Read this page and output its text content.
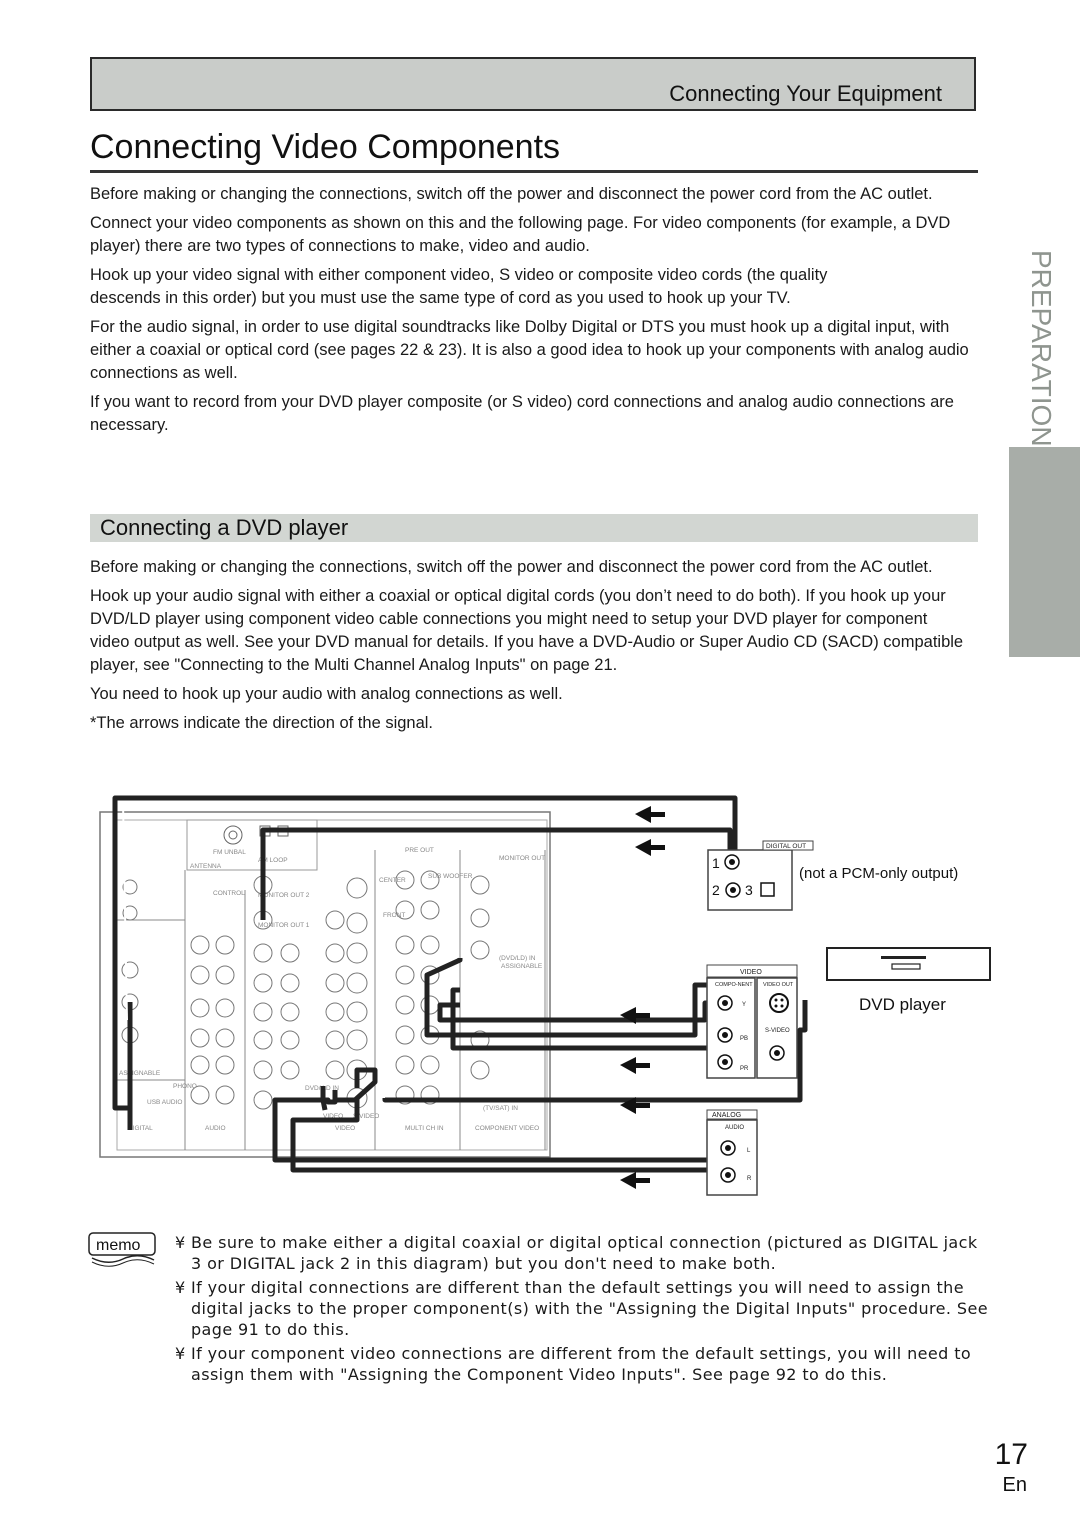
Connecting Your Equipment
Connecting Video Components

Before making or changing the connections, switch off the power and disconnect the power cord from the AC outlet.

Connect your video components as shown on this and the following page. For video components (for example, a DVD player) there are two types of connections to make, video and audio.

Hook up your video signal with either component video, S video or composite video cords (the quality descends in this order) but you must use the same type of cord as you used to hook up your TV.

For the audio signal, in order to use digital soundtracks like Dolby Digital or DTS you must hook up a digital input, with either a coaxial or optical cord (see pages 22 & 23). It is also a good idea to hook up your components with analog audio connections as well.

If you want to record from your DVD player composite (or S video) cord connections and analog audio connections are necessary.	PREPARATION
Connecting a DVD player

Before making or changing the connections, switch off the power and disconnect the power cord from the AC outlet.

Hook up your audio signal with either a coaxial or optical digital cords (you don’t need to do both). If you hook up your DVD/LD player using component video cable connections you might need to setup your DVD player for component video output as well. See your DVD manual for details. If you have a DVD-Audio or Super Audio CD (SACD) compatible player, see "Connecting to the Multi Channel Analog Inputs" on page 21.

You need to hook up your audio with analog connections as well.

*The arrows indicate the direction of the signal.

FM UNBAL
AM LOOP
ANTENNA
PRE OUT
MONITOR OUT
CENTER
FRONT
SUB WOOFER
CONTROL MONITOR OUT 2
MONITOR OUT 1
(DVD/LD) IN
ASSIGNABLE
DVD/ LD IN
VIDEO S VIDEO
(TV/SAT) IN
DIGITAL	AUDIO	VIDEO	MULTI CH IN	COMPONENT VIDEO
ASSIGNABLE
USB AUDIO
PHONO
DIGITAL OUT
1
2 3
(not a PCM-only output)
DVD player
VIDEO
COMPO-NENT VIDEO OUT
Y
PB
PR
S-VIDEO
ANALOG
AUDIO
L
R
memo ¥ Be sure to make either a digital coaxial or digital optical connection (pictured as DIGITAL jack 3 or DIGITAL jack 2 in this diagram) but you don't need to make both.
¥ If your digital connections are different than the default settings you will need to assign the digital jacks to the proper component(s) with the "Assigning the Digital Inputs" procedure. See page 91 to do this.
¥ If your component video connections are different from the default settings, you will need to assign them with "Assigning the Component Video Inputs". See page 92 to do this.
17
En
